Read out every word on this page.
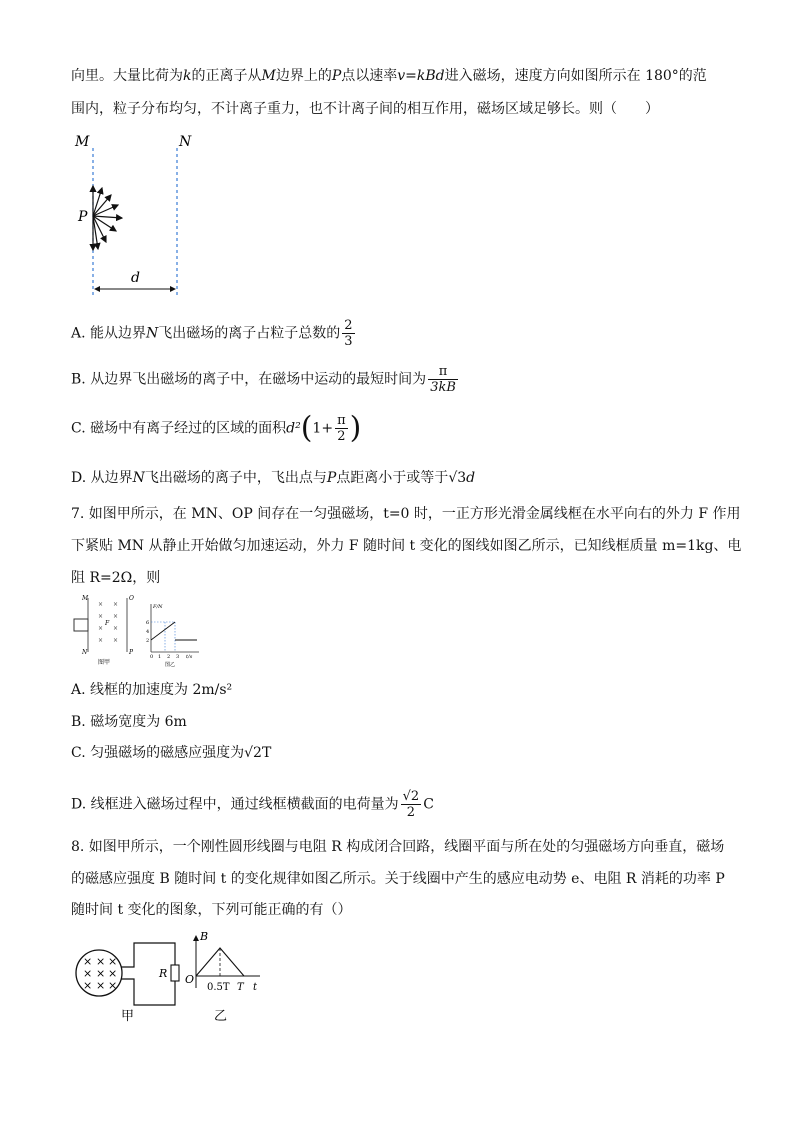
向里。大量比荷为k的正离子从M边界上的P点以速率v=kBd进入磁场，速度方向如图所示在 180°的范
围内，粒子分布均匀，不计离子重力，也不计离子间的相互作用，磁场区域足够长。则（　　）
M	N
P
d
A. 能从边界N飞出磁场的离子占粒子总数的 $\frac{2}{3}$
B. 从边界飞出磁场的离子中，在磁场中运动的最短时间为 $\frac{\pi}{3kB}$
C. 磁场中有离子经过的区域的面积$d^2(1+ \frac{\pi}{2}$ )
D. 从边界N飞出磁场的离子中，飞出点与P点距离小于或等于√3d
7. 如图甲所示，在 MN、OP 间存在一匀强磁场，t=0 时，一正方形光滑金属线框在水平向右的外力 F 作用
下紧贴 MN 从静止开始做匀加速运动，外力 F 随时间 t 变化的图线如图乙所示，已知线框质量 m=1kg、电
阻 R=2Ω，则
M	O
N	P
F
× ×
× ×
× ×
× ×
图甲
F/N
6
4
2
0 1 2 3 t/s
图乙
A. 线框的加速度为 2m/s²
B. 磁场宽度为 6m
C. 匀强磁场的磁感应强度为√2T
D. 线框进入磁场过程中，通过线框横截面的电荷量为 $\frac{√2}{2}$ C
8. 如图甲所示，一个刚性圆形线圈与电阻 R 构成闭合回路，线圈平面与所在处的匀强磁场方向垂直，磁场
的磁感应强度 B 随时间 t 的变化规律如图乙所示。关于线圈中产生的感应电动势 e、电阻 R 消耗的功率 P
随时间 t 变化的图象，下列可能正确的有（）
R
× × ×
× × ×
× × ×
甲
B
O
0.5T T t
乙
